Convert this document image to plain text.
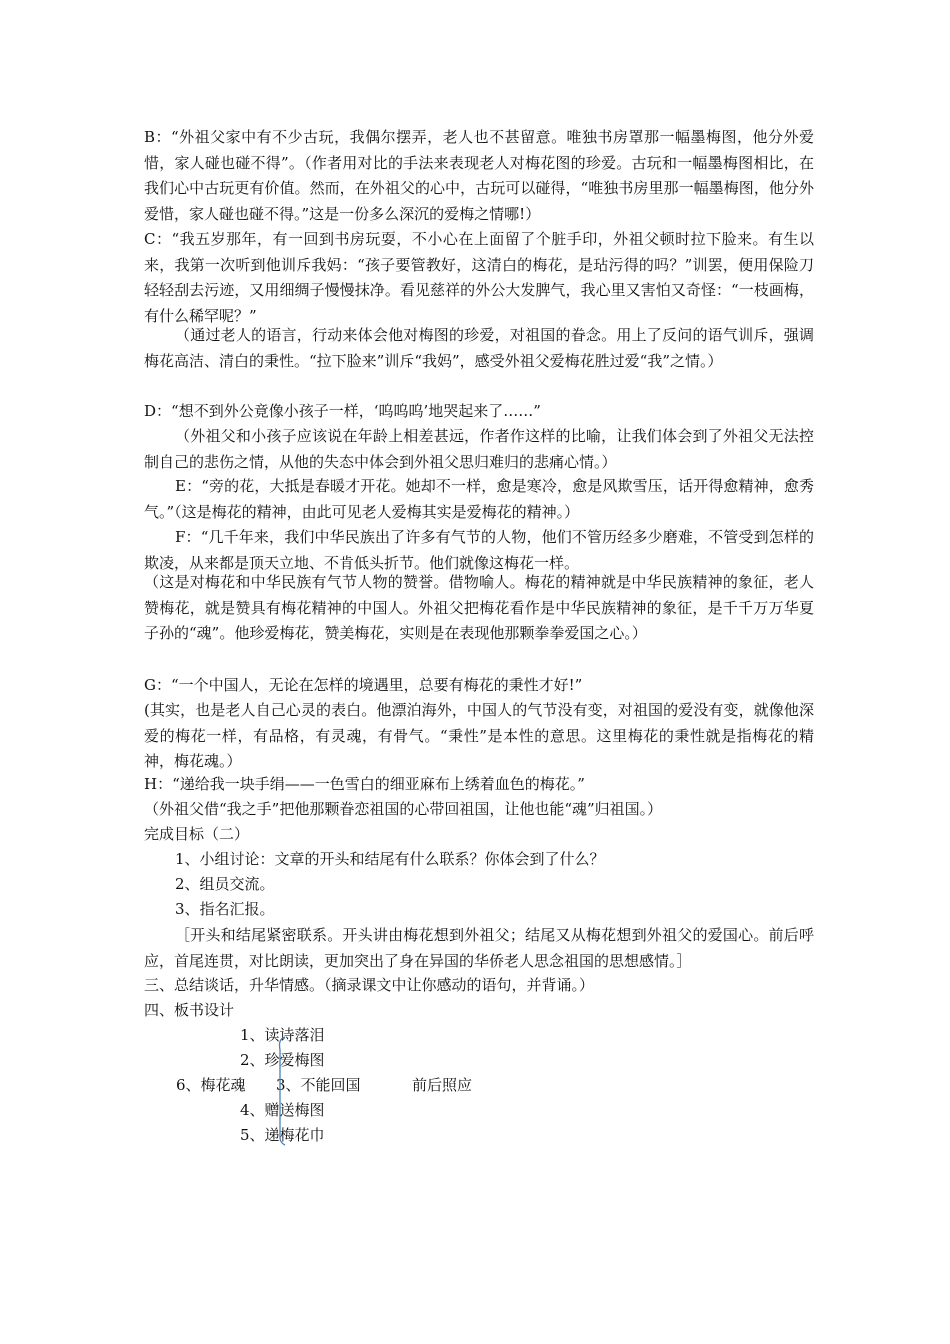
B：“外祖父家中有不少古玩，我偶尔摆弄，老人也不甚留意。唯独书房罩那一幅墨梅图，他分外爱惜，家人碰也碰不得”。（作者用对比的手法来表现老人对梅花图的珍爱。古玩和一幅墨梅图相比，在我们心中古玩更有价值。然而，在外祖父的心中，古玩可以碰得，“唯独书房里那一幅墨梅图，他分外爱惜，家人碰也碰不得。”这是一份多么深沉的爱梅之情哪!）

C：“我五岁那年，有一回到书房玩耍，不小心在上面留了个脏手印，外祖父顿时拉下脸来。有生以来，我第一次听到他训斥我妈：“孩子要管教好，这清白的梅花，是玷污得的吗？”训罢，便用保险刀轻轻刮去污迹，又用细绸子慢慢抹净。看见慈祥的外公大发脾气，我心里又害怕又奇怪：“一枝画梅，有什么稀罕呢？”

（通过老人的语言，行动来体会他对梅图的珍爱，对祖国的眷念。用上了反问的语气训斥，强调梅花高洁、清白的秉性。“拉下脸来”训斥“我妈”，感受外祖父爱梅花胜过爱“我”之情。）

D：“想不到外公竟像小孩子一样，‘呜呜呜’地哭起来了……”

（外祖父和小孩子应该说在年龄上相差甚远，作者作这样的比喻，让我们体会到了外祖父无法控制自己的悲伤之情，从他的失态中体会到外祖父思归难归的悲痛心情。）

E：“旁的花，大抵是春暖才开花。她却不一样，愈是寒冷，愈是风欺雪压，话开得愈精神，愈秀气。”（这是梅花的精神，由此可见老人爱梅其实是爱梅花的精神。）

F：“几千年来，我们中华民族出了许多有气节的人物，他们不管历经多少磨难，不管受到怎样的欺凌，从来都是顶天立地、不肯低头折节。他们就像这梅花一样。

（这是对梅花和中华民族有气节人物的赞誉。借物喻人。梅花的精神就是中华民族精神的象征，老人赞梅花，就是赞具有梅花精神的中国人。外祖父把梅花看作是中华民族精神的象征，是千千万万华夏子孙的“魂”。他珍爱梅花，赞美梅花，实则是在表现他那颗拳拳爱国之心。）

G：“一个中国人，无论在怎样的境遇里，总要有梅花的秉性才好!”

(其实，也是老人自己心灵的表白。他漂泊海外，中国人的气节没有变，对祖国的爱没有变，就像他深爱的梅花一样，有品格，有灵魂，有骨气。“秉性”是本性的意思。这里梅花的秉性就是指梅花的精神，梅花魂。）

H：“递给我一块手绢——一色雪白的细亚麻布上绣着血色的梅花。”

（外祖父借“我之手”把他那颗眷恋祖国的心带回祖国，让他也能“魂”归祖国。）

完成目标（二）

1、小组讨论：文章的开头和结尾有什么联系？你体会到了什么？

2、组员交流。

3、指名汇报。

［开头和结尾紧密联系。开头讲由梅花想到外祖父；结尾又从梅花想到外祖父的爱国心。前后呼应，首尾连贯，对比朗读，更加突出了身在异国的华侨老人思念祖国的思想感情。］

三、总结谈话，升华情感。（摘录课文中让你感动的语句，并背诵。）

四、板书设计

1、读诗落泪
2、珍爱梅图
6、梅花魂 3、不能回国	前后照应
4、赠送梅图
5、递梅花巾
